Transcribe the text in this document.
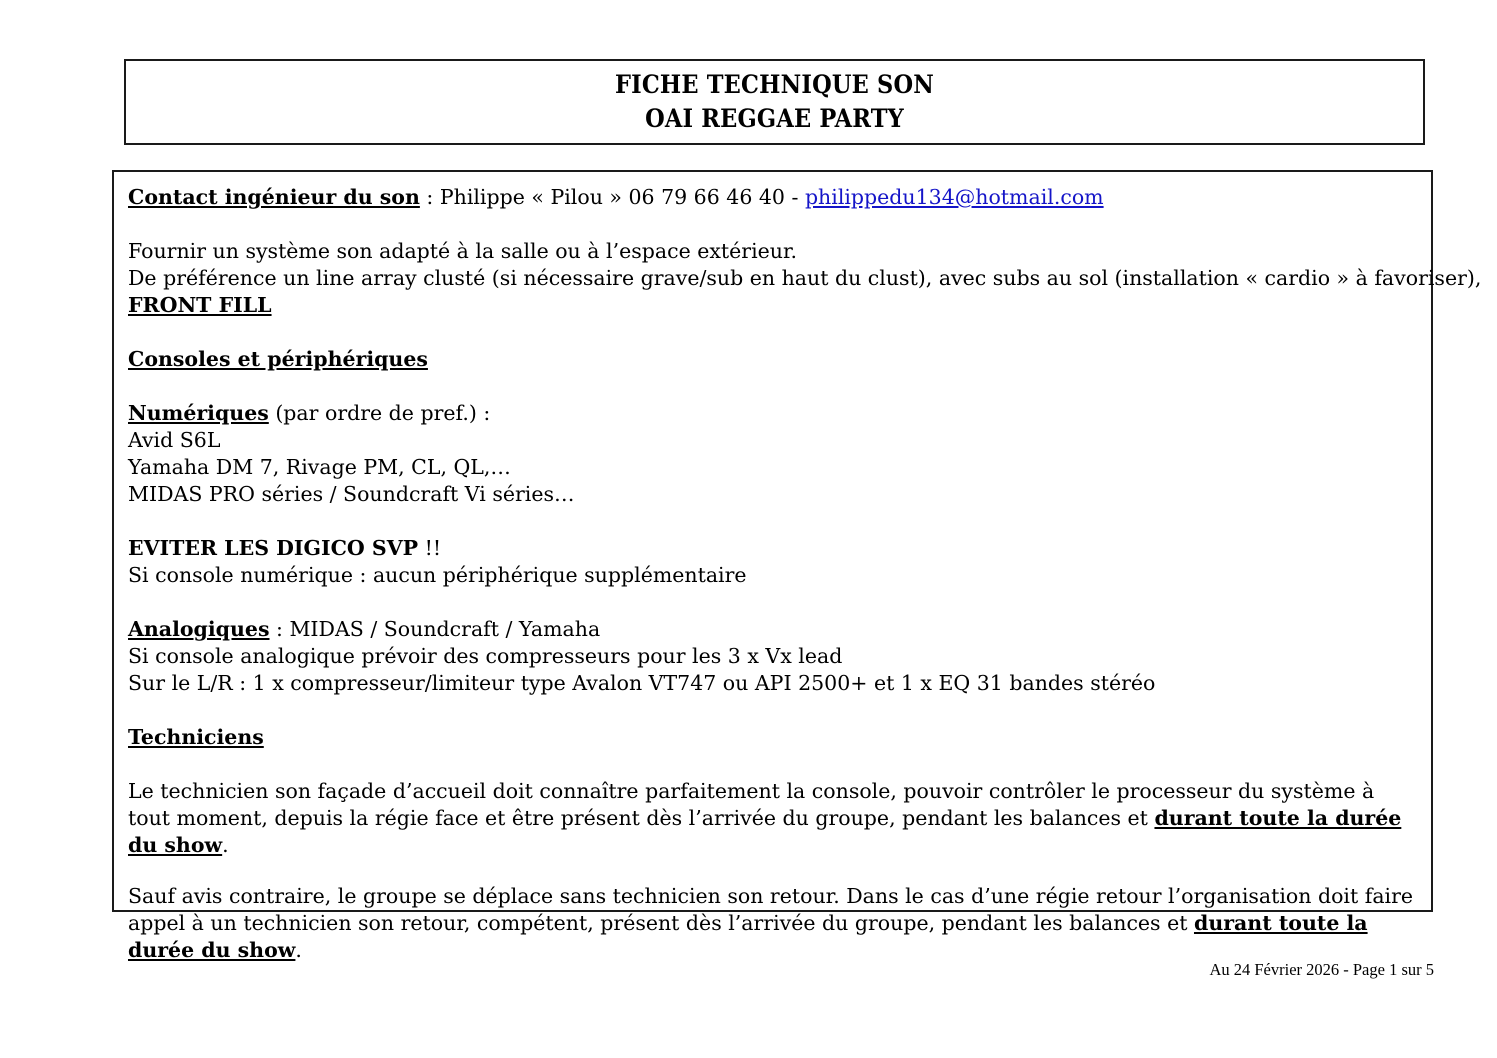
FICHE TECHNIQUE SON
OAI REGGAE PARTY
Contact ingénieur du son : Philippe « Pilou » 06 79 66 46 40 - philippedu134@hotmail.com
Fournir un système son adapté à la salle ou à l’espace extérieur.
De préférence un line array clusté (si nécessaire grave/sub en haut du clust), avec subs au sol (installation « cardio » à favoriser),
FRONT FILL
Consoles et périphériques
Numériques (par ordre de pref.) :
Avid S6L
Yamaha DM 7, Rivage PM, CL, QL,…
MIDAS PRO séries / Soundcraft Vi séries…
EVITER LES DIGICO SVP !!
Si console numérique : aucun périphérique supplémentaire
Analogiques : MIDAS / Soundcraft / Yamaha
Si console analogique prévoir des compresseurs pour les 3 x Vx lead
Sur le L/R : 1 x compresseur/limiteur type Avalon VT747 ou API 2500+ et 1 x EQ 31 bandes stéréo
Techniciens
Le technicien son façade d’accueil doit connaître parfaitement la console, pouvoir contrôler le processeur du système à tout moment, depuis la régie face et être présent dès l’arrivée du groupe, pendant les balances et durant toute la durée du show.
Sauf avis contraire, le groupe se déplace sans technicien son retour. Dans le cas d’une régie retour l’organisation doit faire appel à un technicien son retour, compétent, présent dès l’arrivée du groupe, pendant les balances et durant toute la durée du show.
Au 24 Février 2026 - Page 1 sur 5
